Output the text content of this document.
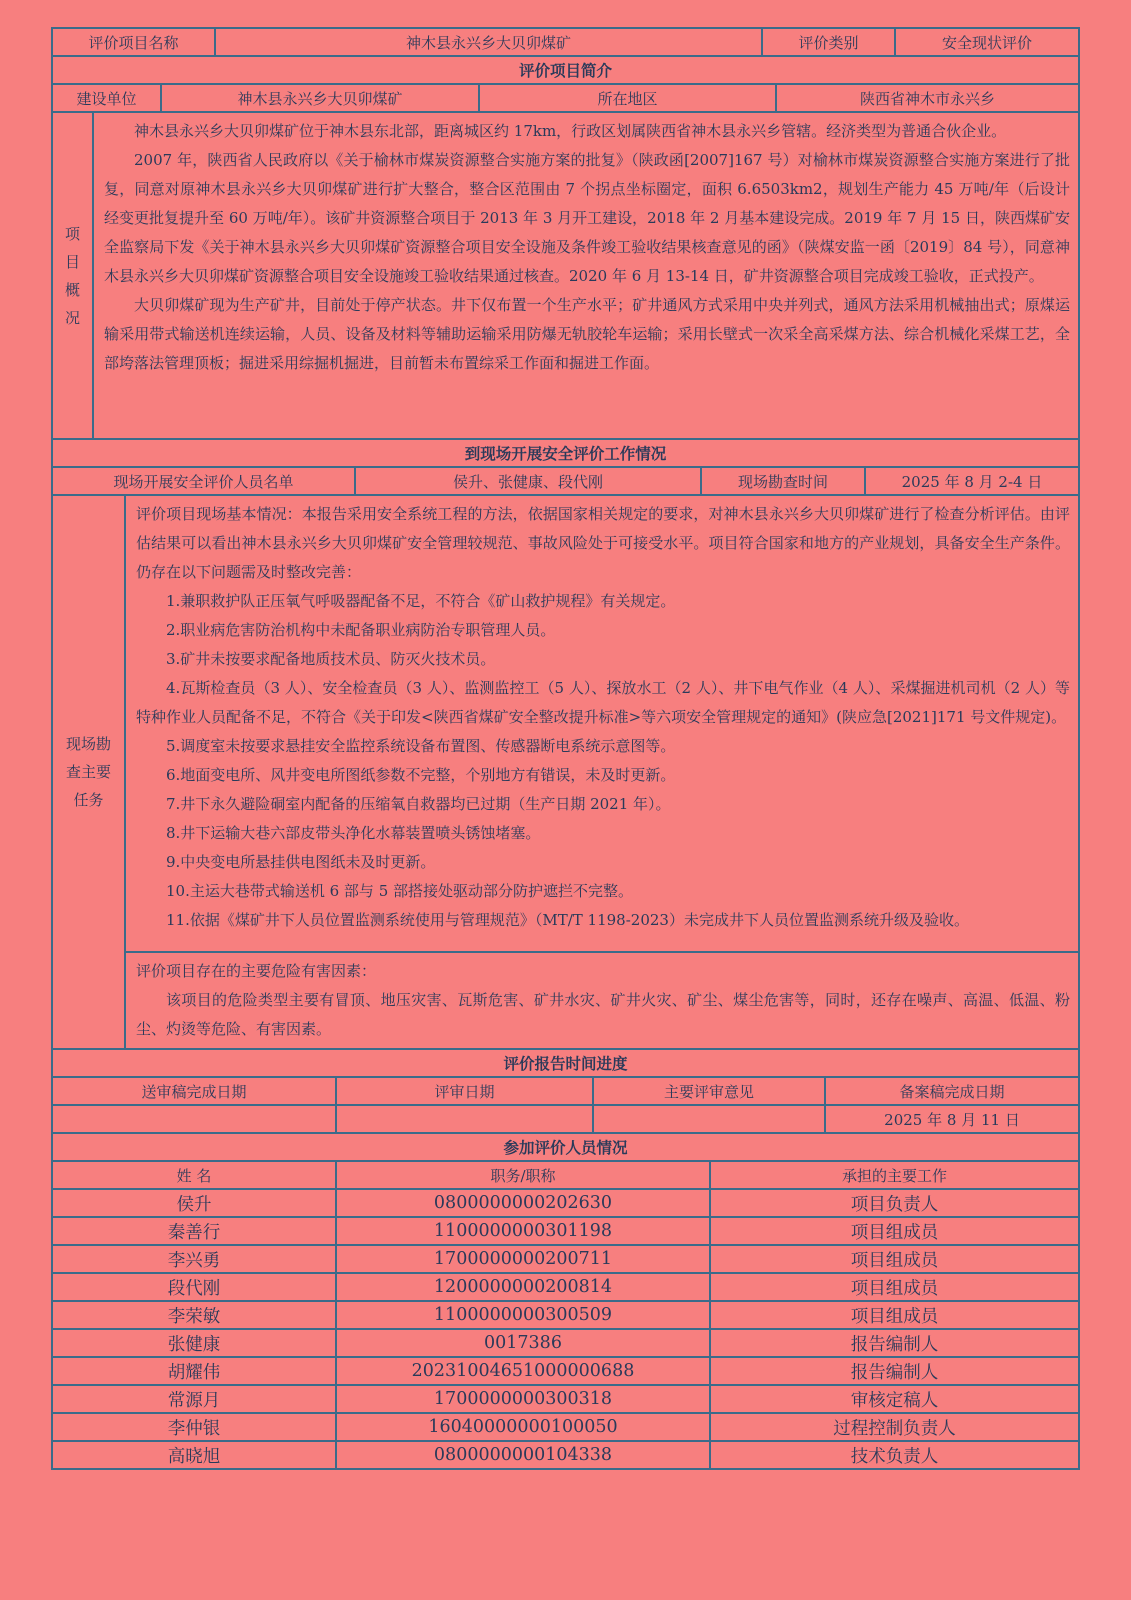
评价项目名称	神木县永兴乡大贝卯煤矿	评价类别	安全现状评价
评价项目简介
建设单位	神木县永兴乡大贝卯煤矿	所在地区	陕西省神木市永兴乡
项目概况

神木县永兴乡大贝卯煤矿位于神木县东北部，距离城区约 17km，行政区划属陕西省神木县永兴乡管辖。经济类型为普通合伙企业。

2007 年，陕西省人民政府以《关于榆林市煤炭资源整合实施方案的批复》（陕政函[2007]167 号）对榆林市煤炭资源整合实施方案进行了批复，同意对原神木县永兴乡大贝卯煤矿进行扩大整合，整合区范围由 7 个拐点坐标圈定，面积 6.6503km2，规划生产能力 45 万吨/年（后设计经变更批复提升至 60 万吨/年）。该矿井资源整合项目于 2013 年 3 月开工建设，2018 年 2 月基本建设完成。2019 年 7 月 15 日，陕西煤矿安全监察局下发《关于神木县永兴乡大贝卯煤矿资源整合项目安全设施及条件竣工验收结果核查意见的函》（陕煤安监一函〔2019〕84 号），同意神木县永兴乡大贝卯煤矿资源整合项目安全设施竣工验收结果通过核查。2020 年 6 月 13-14 日，矿井资源整合项目完成竣工验收，正式投产。

大贝卯煤矿现为生产矿井，目前处于停产状态。井下仅布置一个生产水平；矿井通风方式采用中央并列式，通风方法采用机械抽出式；原煤运输采用带式输送机连续运输，人员、设备及材料等辅助运输采用防爆无轨胶轮车运输；采用长壁式一次采全高采煤方法、综合机械化采煤工艺，全部垮落法管理顶板；掘进采用综掘机掘进，目前暂未布置综采工作面和掘进工作面。

到现场开展安全评价工作情况
现场开展安全评价人员名单	侯升、张健康、段代刚	现场勘查时间	2025 年 8 月 2-4 日
现场勘查主要任务

评价项目现场基本情况：本报告采用安全系统工程的方法，依据国家相关规定的要求，对神木县永兴乡大贝卯煤矿进行了检查分析评估。由评估结果可以看出神木县永兴乡大贝卯煤矿安全管理较规范、事故风险处于可接受水平。项目符合国家和地方的产业规划，具备安全生产条件。仍存在以下问题需及时整改完善：

1.兼职救护队正压氧气呼吸器配备不足，不符合《矿山救护规程》有关规定。

2.职业病危害防治机构中未配备职业病防治专职管理人员。

3.矿井未按要求配备地质技术员、防灭火技术员。

4.瓦斯检查员（3 人）、安全检查员（3 人）、监测监控工（5 人）、探放水工（2 人）、井下电气作业（4 人）、采煤掘进机司机（2 人）等特种作业人员配备不足，不符合《关于印发<陕西省煤矿安全整改提升标准>等六项安全管理规定的通知》(陕应急[2021]171 号文件规定)。

5.调度室未按要求悬挂安全监控系统设备布置图、传感器断电系统示意图等。

6.地面变电所、风井变电所图纸参数不完整，个别地方有错误，未及时更新。

7.井下永久避险硐室内配备的压缩氧自救器均已过期（生产日期 2021 年）。

8.井下运输大巷六部皮带头净化水幕装置喷头锈蚀堵塞。

9.中央变电所悬挂供电图纸未及时更新。

10.主运大巷带式输送机 6 部与 5 部搭接处驱动部分防护遮拦不完整。

11.依据《煤矿井下人员位置监测系统使用与管理规范》（MT/T 1198-2023）未完成井下人员位置监测系统升级及验收。

评价项目存在的主要危险有害因素：

该项目的危险类型主要有冒顶、地压灾害、瓦斯危害、矿井水灾、矿井火灾、矿尘、煤尘危害等，同时，还存在噪声、高温、低温、粉尘、灼烫等危险、有害因素。

评价报告时间进度
送审稿完成日期	评审日期	主要评审意见	备案稿完成日期
			2025 年 8 月 11 日
参加评价人员情况
姓 名	职务/职称	承担的主要工作
侯升	0800000000202630	项目负责人
秦善行	1100000000301198	项目组成员
李兴勇	1700000000200711	项目组成员
段代刚	1200000000200814	项目组成员
李荣敏	1100000000300509	项目组成员
张健康	0017386	报告编制人
胡耀伟	2023100465100000068​8	报告编制人
常源月	1700000000300318	审核定稿人
李仲银	1604000000010005​0	过程控制负责人
高晓旭	0800000000104338	技术负责人
